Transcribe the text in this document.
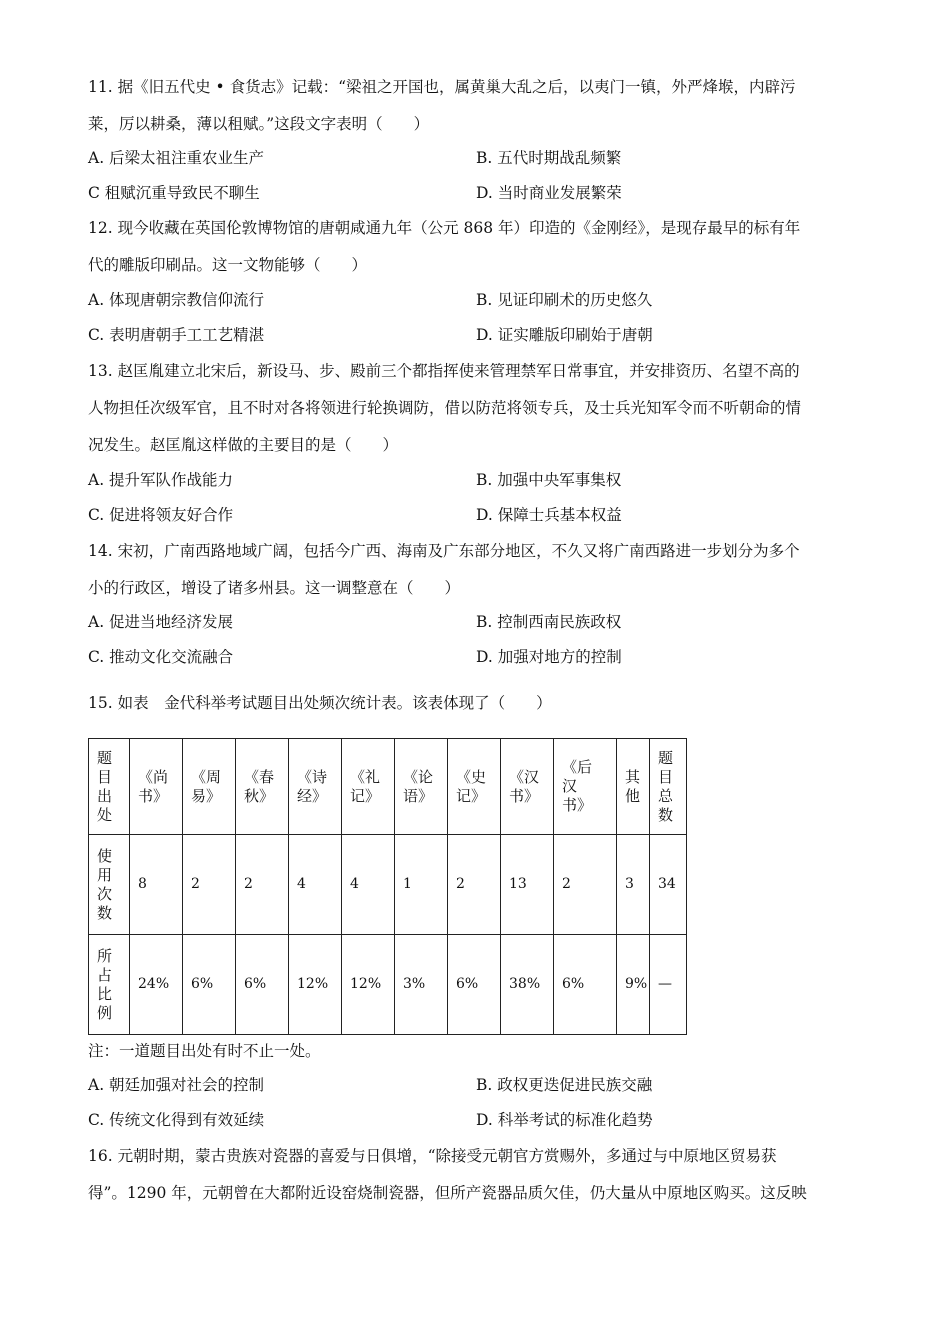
11. 据《旧五代史 • 食货志》记载：“梁祖之开国也，属黄巢大乱之后，以夷门一镇，外严烽堠，内辟污
莱，厉以耕桑，薄以租赋。”这段文字表明（　　）
A. 后梁太祖注重农业生产	B. 五代时期战乱频繁
C 租赋沉重导致民不聊生	D. 当时商业发展繁荣
12. 现今收藏在英国伦敦博物馆的唐朝咸通九年（公元 868 年）印造的《金刚经》，是现存最早的标有年
代的雕版印刷品。这一文物能够（　　）
A. 体现唐朝宗教信仰流行	B. 见证印刷术的历史悠久
C. 表明唐朝手工工艺精湛	D. 证实雕版印刷始于唐朝
13. 赵匡胤建立北宋后，新设马、步、殿前三个都指挥使来管理禁军日常事宜，并安排资历、名望不高的
人物担任次级军官，且不时对各将领进行轮换调防，借以防范将领专兵，及士兵光知军令而不听朝命的情
况发生。赵匡胤这样做的主要目的是（　　）
A. 提升军队作战能力	B. 加强中央军事集权
C. 促进将领友好合作	D. 保障士兵基本权益
14. 宋初，广南西路地域广阔，包括今广西、海南及广东部分地区，不久又将广南西路进一步划分为多个
小的行政区，增设了诸多州县。这一调整意在（　　）
A. 促进当地经济发展	B. 控制西南民族政权
C. 推动文化交流融合	D. 加强对地方的控制
15. 如表　金代科举考试题目出处频次统计表。该表体现了（　　）
题目出处	《尚书》	《周易》	《春秋》	《诗经》	《礼记》	《论语》	《史记》	《汉书》	《后汉书》	其他	题目总数

使用次数	8	2	2	4	4	1	2	13	2	3	34

所占比例	24%	6%	6%	12%	12%	3%	6%	38%	6%	9%	—
注：一道题目出处有时不止一处。
A. 朝廷加强对社会的控制	B. 政权更迭促进民族交融
C. 传统文化得到有效延续	D. 科举考试的标准化趋势
16. 元朝时期，蒙古贵族对瓷器的喜爱与日俱增，“除接受元朝官方赏赐外，多通过与中原地区贸易获
得”。1290 年，元朝曾在大都附近设窑烧制瓷器，但所产瓷器品质欠佳，仍大量从中原地区购买。这反映
